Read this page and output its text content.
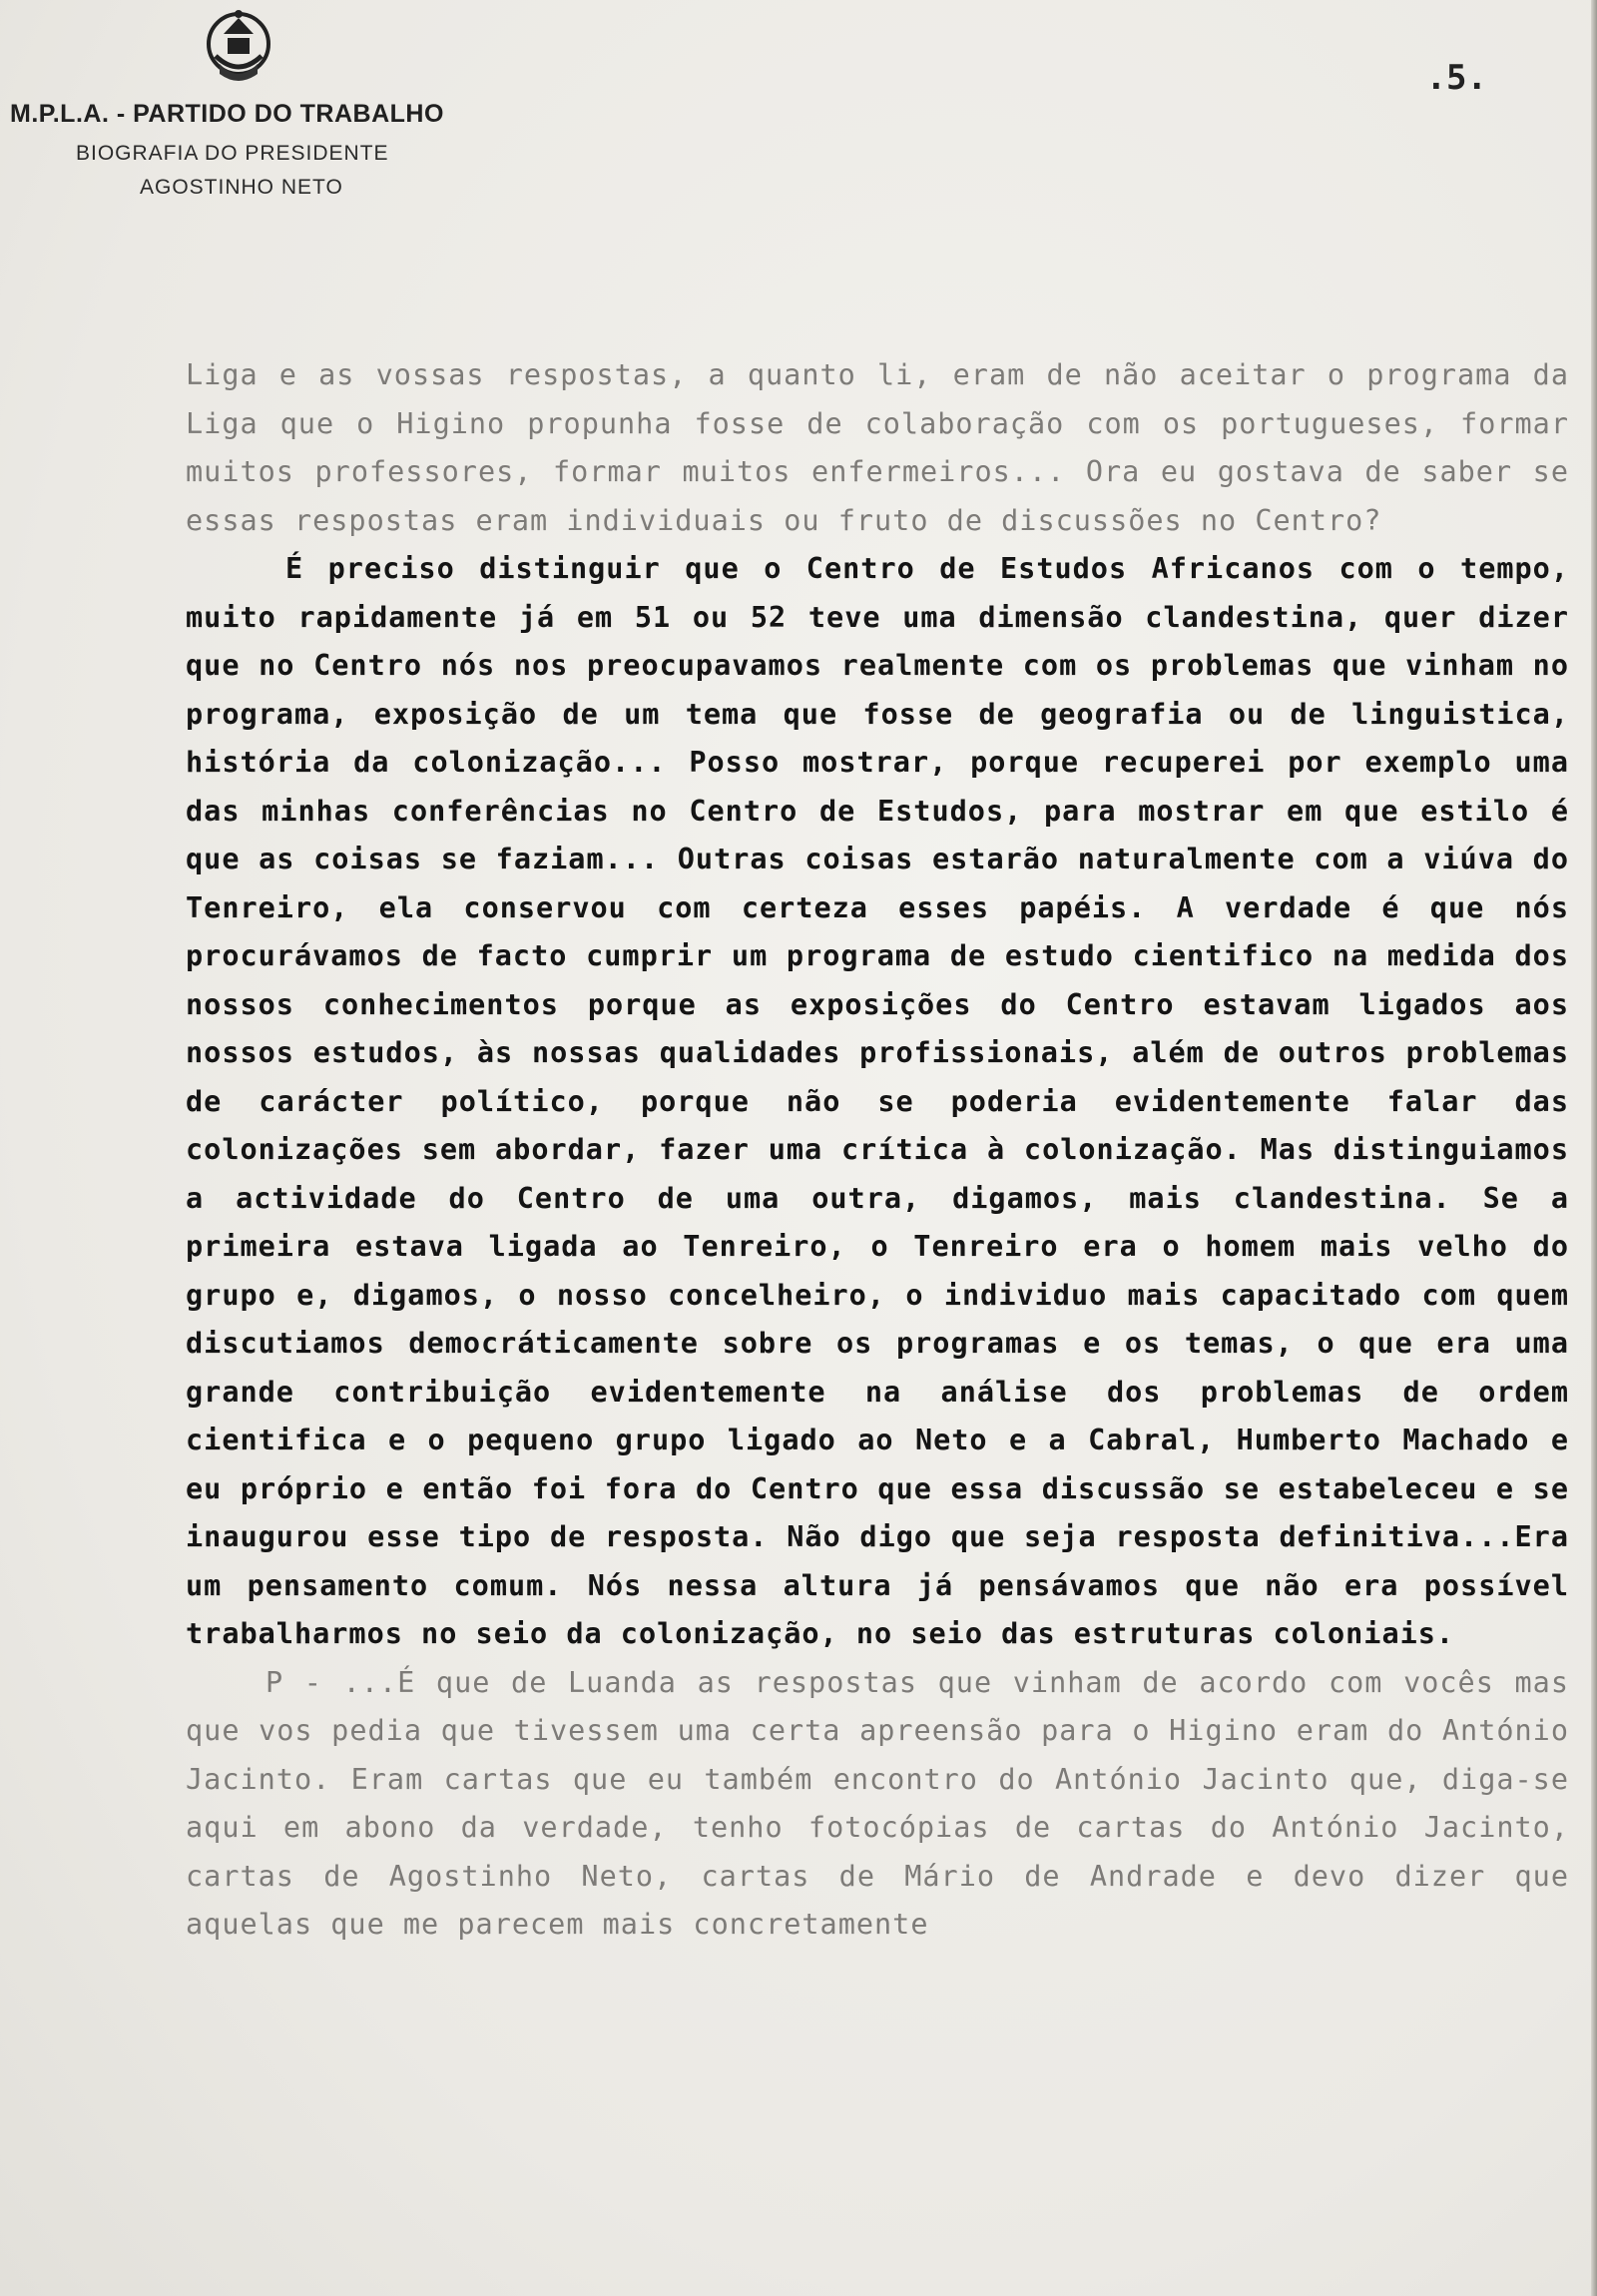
M.P.L.A. - PARTIDO DO TRABALHO
BIOGRAFIA DO PRESIDENTE
AGOSTINHO NETO
.5.

Liga e as vossas respostas, a quanto li, eram de não aceitar o programa da Liga que o Higino propunha fosse de colaboração com os portugueses, formar muitos professores, formar muitos enfermeiros... Ora eu gostava de saber se essas respostas eram individuais ou fruto de discussões no Centro?

É preciso distinguir que o Centro de Estudos Africanos com o tempo, muito rapidamente já em 51 ou 52 teve uma dimensão clandestina, quer dizer que no Centro nós nos preocupavamos realmente com os problemas que vinham no programa, exposição de um tema que fosse de geografia ou de linguistica, história da colonização... Posso mostrar, porque recuperei por exemplo uma das minhas conferências no Centro de Estudos, para mostrar em que estilo é que as coisas se faziam... Outras coisas estarão naturalmente com a viúva do Tenreiro, ela conservou com certeza esses papéis. A verdade é que nós procurávamos de facto cumprir um programa de estudo cientifico na medida dos nossos conhecimentos porque as exposições do Centro estavam ligados aos nossos estudos, às nossas qualidades profissionais, além de outros problemas de carácter político, porque não se poderia evidentemente falar das colonizações sem abordar, fazer uma crítica à colonização. Mas distinguiamos a actividade do Centro de uma outra, digamos, mais clandestina. Se a primeira estava ligada ao Tenreiro, o Tenreiro era o homem mais velho do grupo e, digamos, o nosso concelheiro, o individuo mais capacitado com quem discutiamos democráticamente sobre os programas e os temas, o que era uma grande contribuição evidentemente na análise dos problemas de ordem cientifica e o pequeno grupo ligado ao Neto e a Cabral, Humberto Machado e eu próprio e então foi fora do Centro que essa discussão se estabeleceu e se inaugurou esse tipo de resposta. Não digo que seja resposta definitiva...Era um pensamento comum. Nós nessa altura já pensávamos que não era possível trabalharmos no seio da colonização, no seio das estruturas coloniais.

P - ...É que de Luanda as respostas que vinham de acordo com vocês mas que vos pedia que tivessem uma certa apreensão para o Higino eram do António Jacinto. Eram cartas que eu também encontro do António Jacinto que, diga-se aqui em abono da verdade, tenho fotocópias de cartas do António Jacinto, cartas de Agostinho Neto, cartas de Mário de Andrade e devo dizer que aquelas que me parecem mais concretamente
